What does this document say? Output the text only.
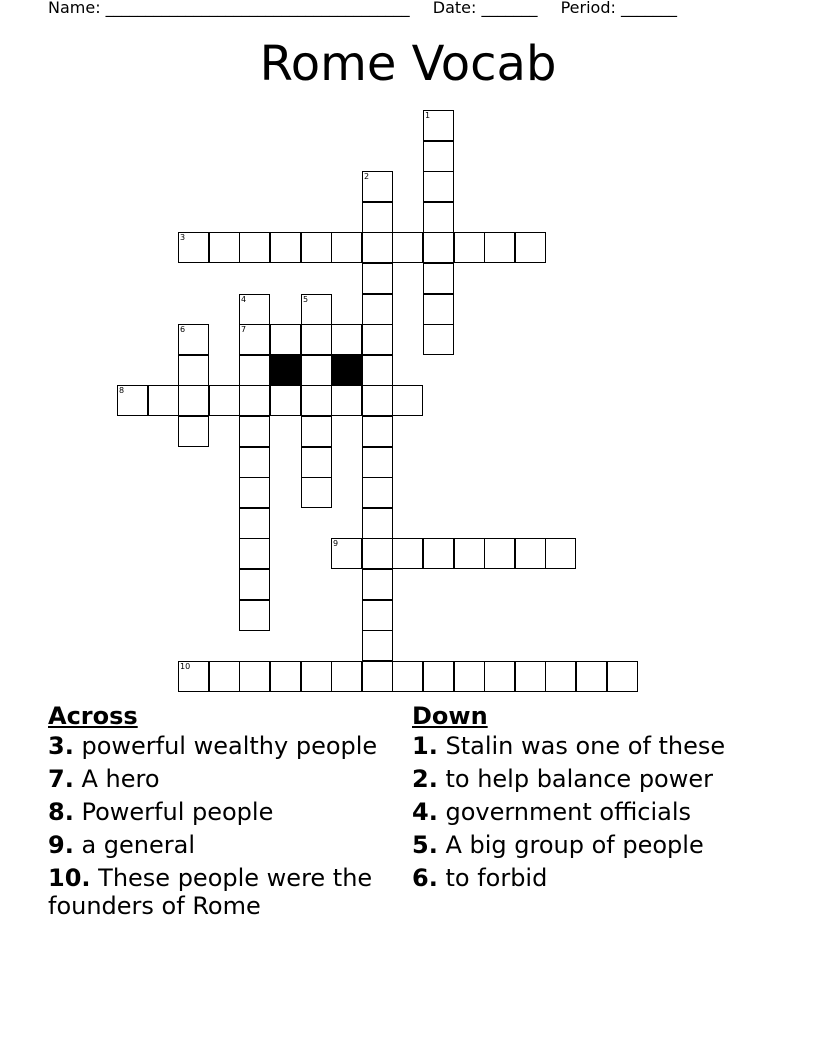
Name: ______________________________________ Date: _______ Period: _______
Rome Vocab
1
2
3
4
7
5
6
8
9
10
Across
3. powerful wealthy people
7. A hero
8. Powerful people
9. a general
10. These people were the founders of Rome
Down
1. Stalin was one of these
2. to help balance power
4. government officials
5. A big group of people
6. to forbid
